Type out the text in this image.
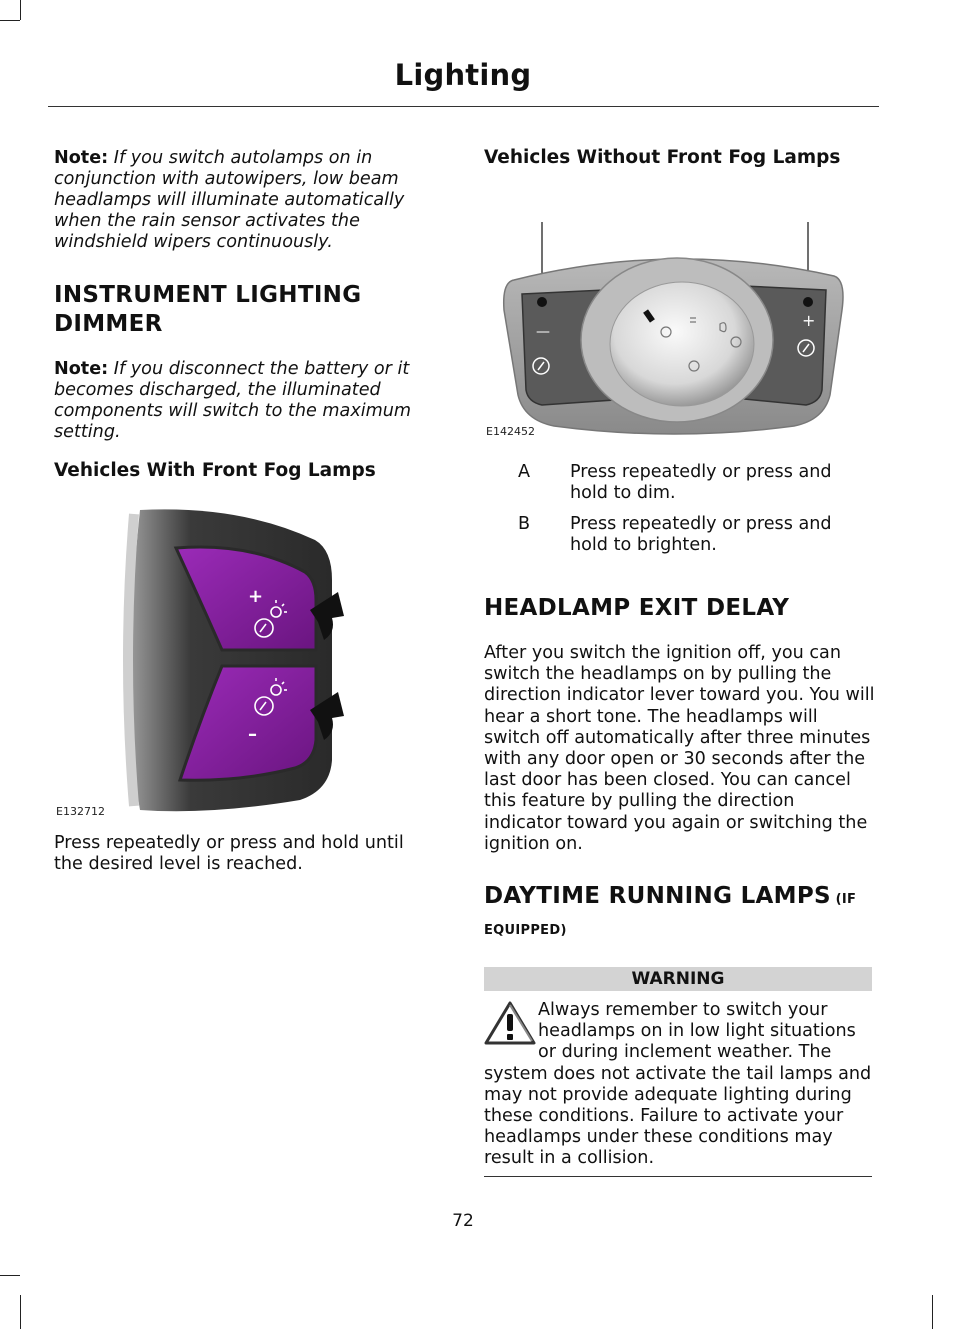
Lighting

Note: If you switch autolamps on in conjunction with autowipers, low beam headlamps will illuminate automatically when the rain sensor activates the windshield wipers continuously.

INSTRUMENT LIGHTING DIMMER

Note: If you disconnect the battery or it becomes discharged, the illuminated components will switch to the maximum setting.

Vehicles With Front Fog Lamps
+
–
E132712

Press repeatedly or press and hold until the desired level is reached.

Vehicles Without Front Fog Lamps
—
+
E142452
A	Press repeatedly or press and hold to dim.
B	Press repeatedly or press and hold to brighten.
HEADLAMP EXIT DELAY

After you switch the ignition off, you can switch the headlamps on by pulling the direction indicator lever toward you. You will hear a short tone. The headlamps will switch off automatically after three minutes with any door open or 30 seconds after the last door has been closed. You can cancel this feature by pulling the direction indicator toward you again or switching the ignition on.

DAYTIME RUNNING LAMPS (IF
EQUIPPED)
WARNING
Always remember to switch your headlamps on in low light situations or during inclement weather. The system does not activate the tail lamps and may not provide adequate lighting during these conditions. Failure to activate your headlamps under these conditions may result in a collision.
72
